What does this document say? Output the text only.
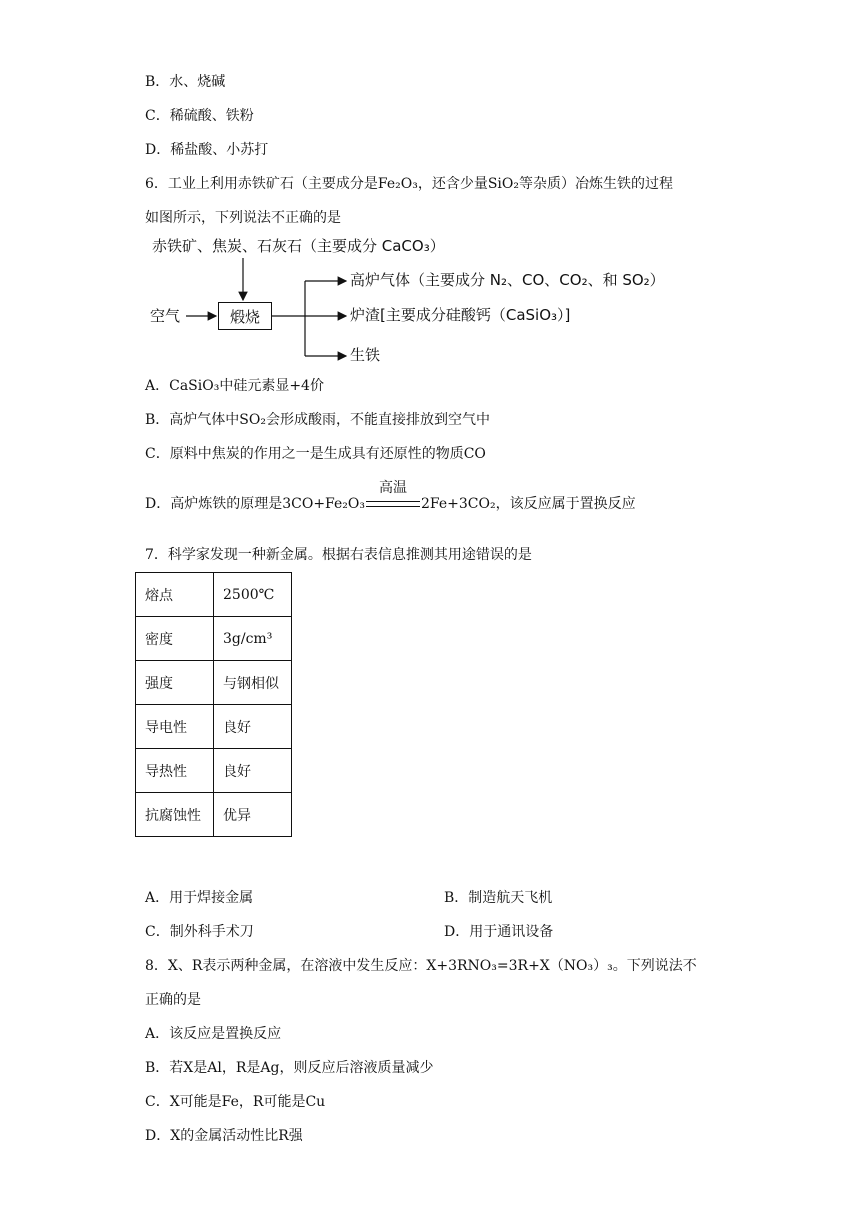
B．水、烧碱
C．稀硫酸、铁粉
D．稀盐酸、小苏打
6．工业上利用赤铁矿石（主要成分是Fe₂O₃，还含少量SiO₂等杂质）冶炼生铁的过程
如图所示，下列说法不正确的是
赤铁矿、焦炭、石灰石（主要成分 CaCO₃）
空气	煅烧
高炉气体（主要成分 N₂、CO、CO₂、和 SO₂）
炉渣[主要成分硅酸钙（CaSiO₃）]
生铁
A．CaSiO₃中硅元素显+4价
B．高炉气体中SO₂会形成酸雨，不能直接排放到空气中
C．原料中焦炭的作用之一是生成具有还原性的物质CO
D．高炉炼铁的原理是3CO+Fe₂O₃
高温
2Fe+3CO₂，该反应属于置换反应
7．科学家发现一种新金属。根据右表信息推测其用途错误的是
熔点	2500℃
密度	3g/cm³
强度	与钢相似
导电性	良好
导热性	良好
抗腐蚀性	优异
A．用于焊接金属	B．制造航天飞机
C．制外科手术刀	D．用于通讯设备
8．X、R表示两种金属，在溶液中发生反应：X+3RNO₃=3R+X（NO₃）₃。下列说法不
正确的是
A．该反应是置换反应
B．若X是Al，R是Ag，则反应后溶液质量减少
C．X可能是Fe，R可能是Cu
D．X的金属活动性比R强
